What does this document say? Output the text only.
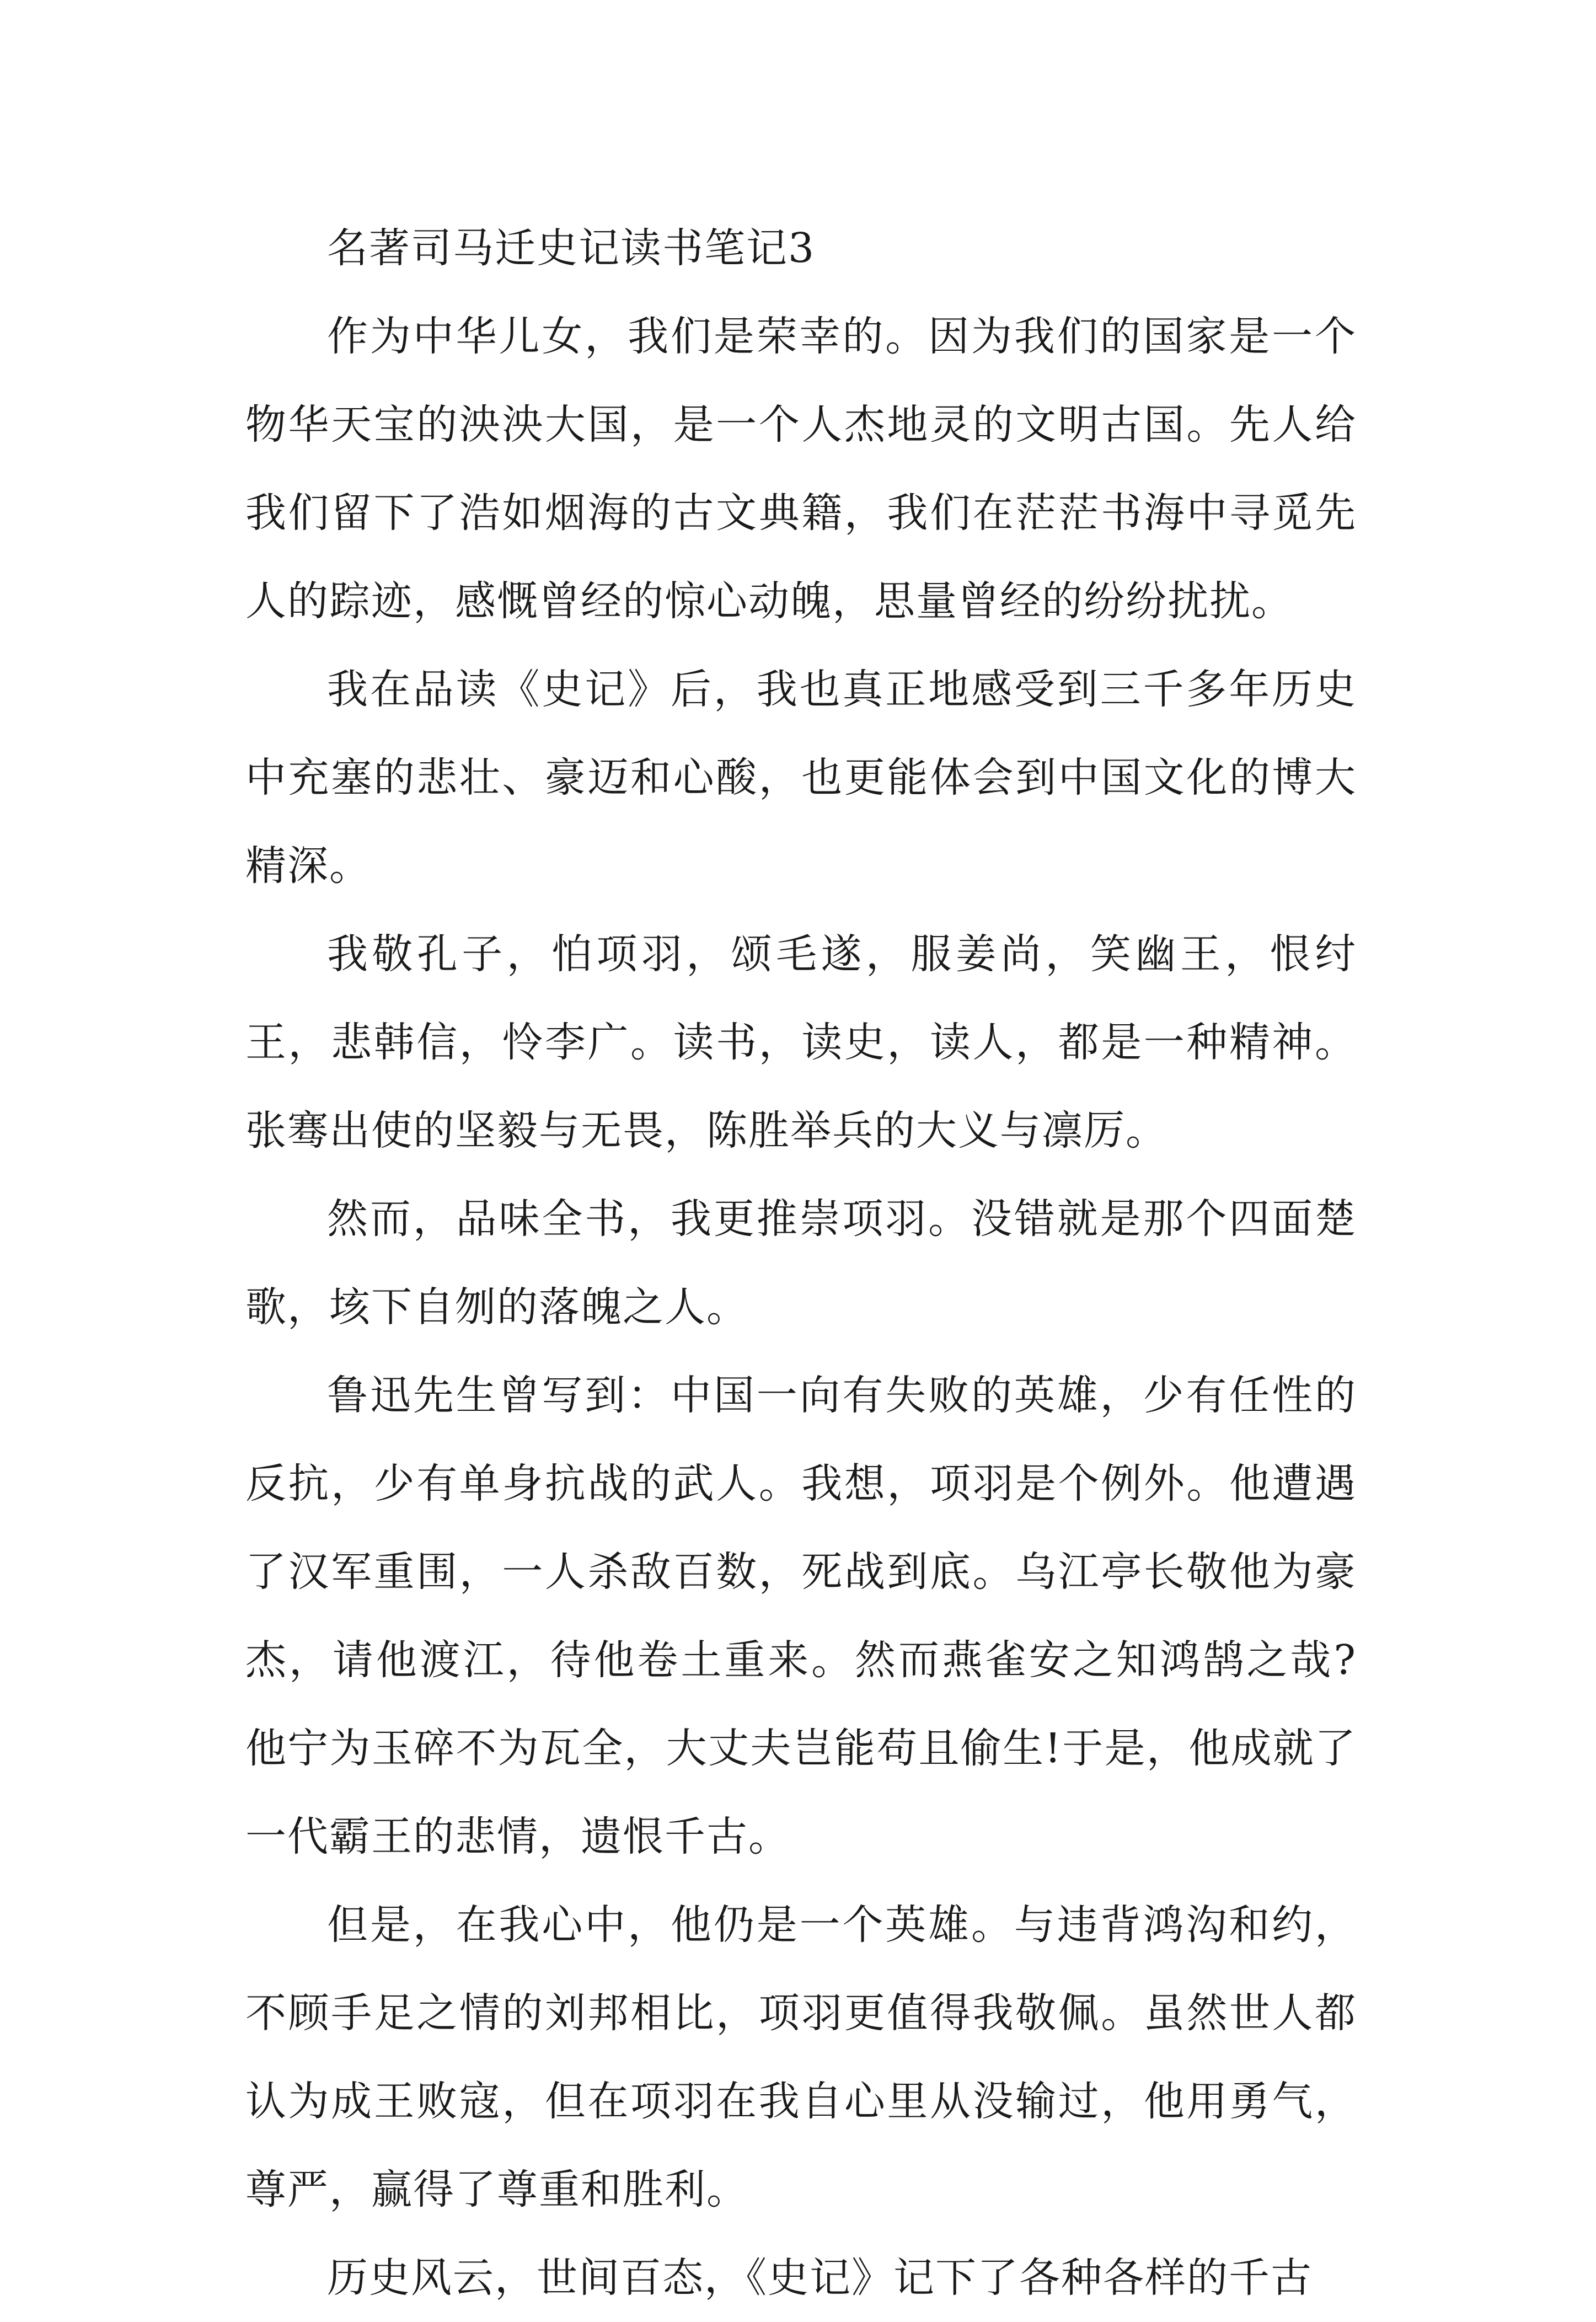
名著司马迁史记读书笔记3

作为中华儿女，我们是荣幸的。因为我们的国家是一个物华天宝的泱泱大国，是一个人杰地灵的文明古国。先人给我们留下了浩如烟海的古文典籍，我们在茫茫书海中寻觅先人的踪迹，感慨曾经的惊心动魄，思量曾经的纷纷扰扰。

我在品读《史记》后，我也真正地感受到三千多年历史中充塞的悲壮、豪迈和心酸，也更能体会到中国文化的博大精深。

我敬孔子，怕项羽，颂毛遂，服姜尚，笑幽王，恨纣王，悲韩信，怜李广。读书，读史，读人，都是一种精神。张骞出使的坚毅与无畏，陈胜举兵的大义与凛厉。

然而，品味全书，我更推崇项羽。没错就是那个四面楚歌，垓下自刎的落魄之人。

鲁迅先生曾写到：中国一向有失败的英雄，少有任性的反抗，少有单身抗战的武人。我想，项羽是个例外。他遭遇了汉军重围，一人杀敌百数，死战到底。乌江亭长敬他为豪杰，请他渡江，待他卷土重来。然而燕雀安之知鸿鹄之哉?他宁为玉碎不为瓦全，大丈夫岂能苟且偷生!于是，他成就了一代霸王的悲情，遗恨千古。

但是，在我心中，他仍是一个英雄。与违背鸿沟和约，不顾手足之情的刘邦相比，项羽更值得我敬佩。虽然世人都认为成王败寇，但在项羽在我自心里从没输过，他用勇气，尊严，赢得了尊重和胜利。

历史风云，世间百态，《史记》记下了各种各样的千古
